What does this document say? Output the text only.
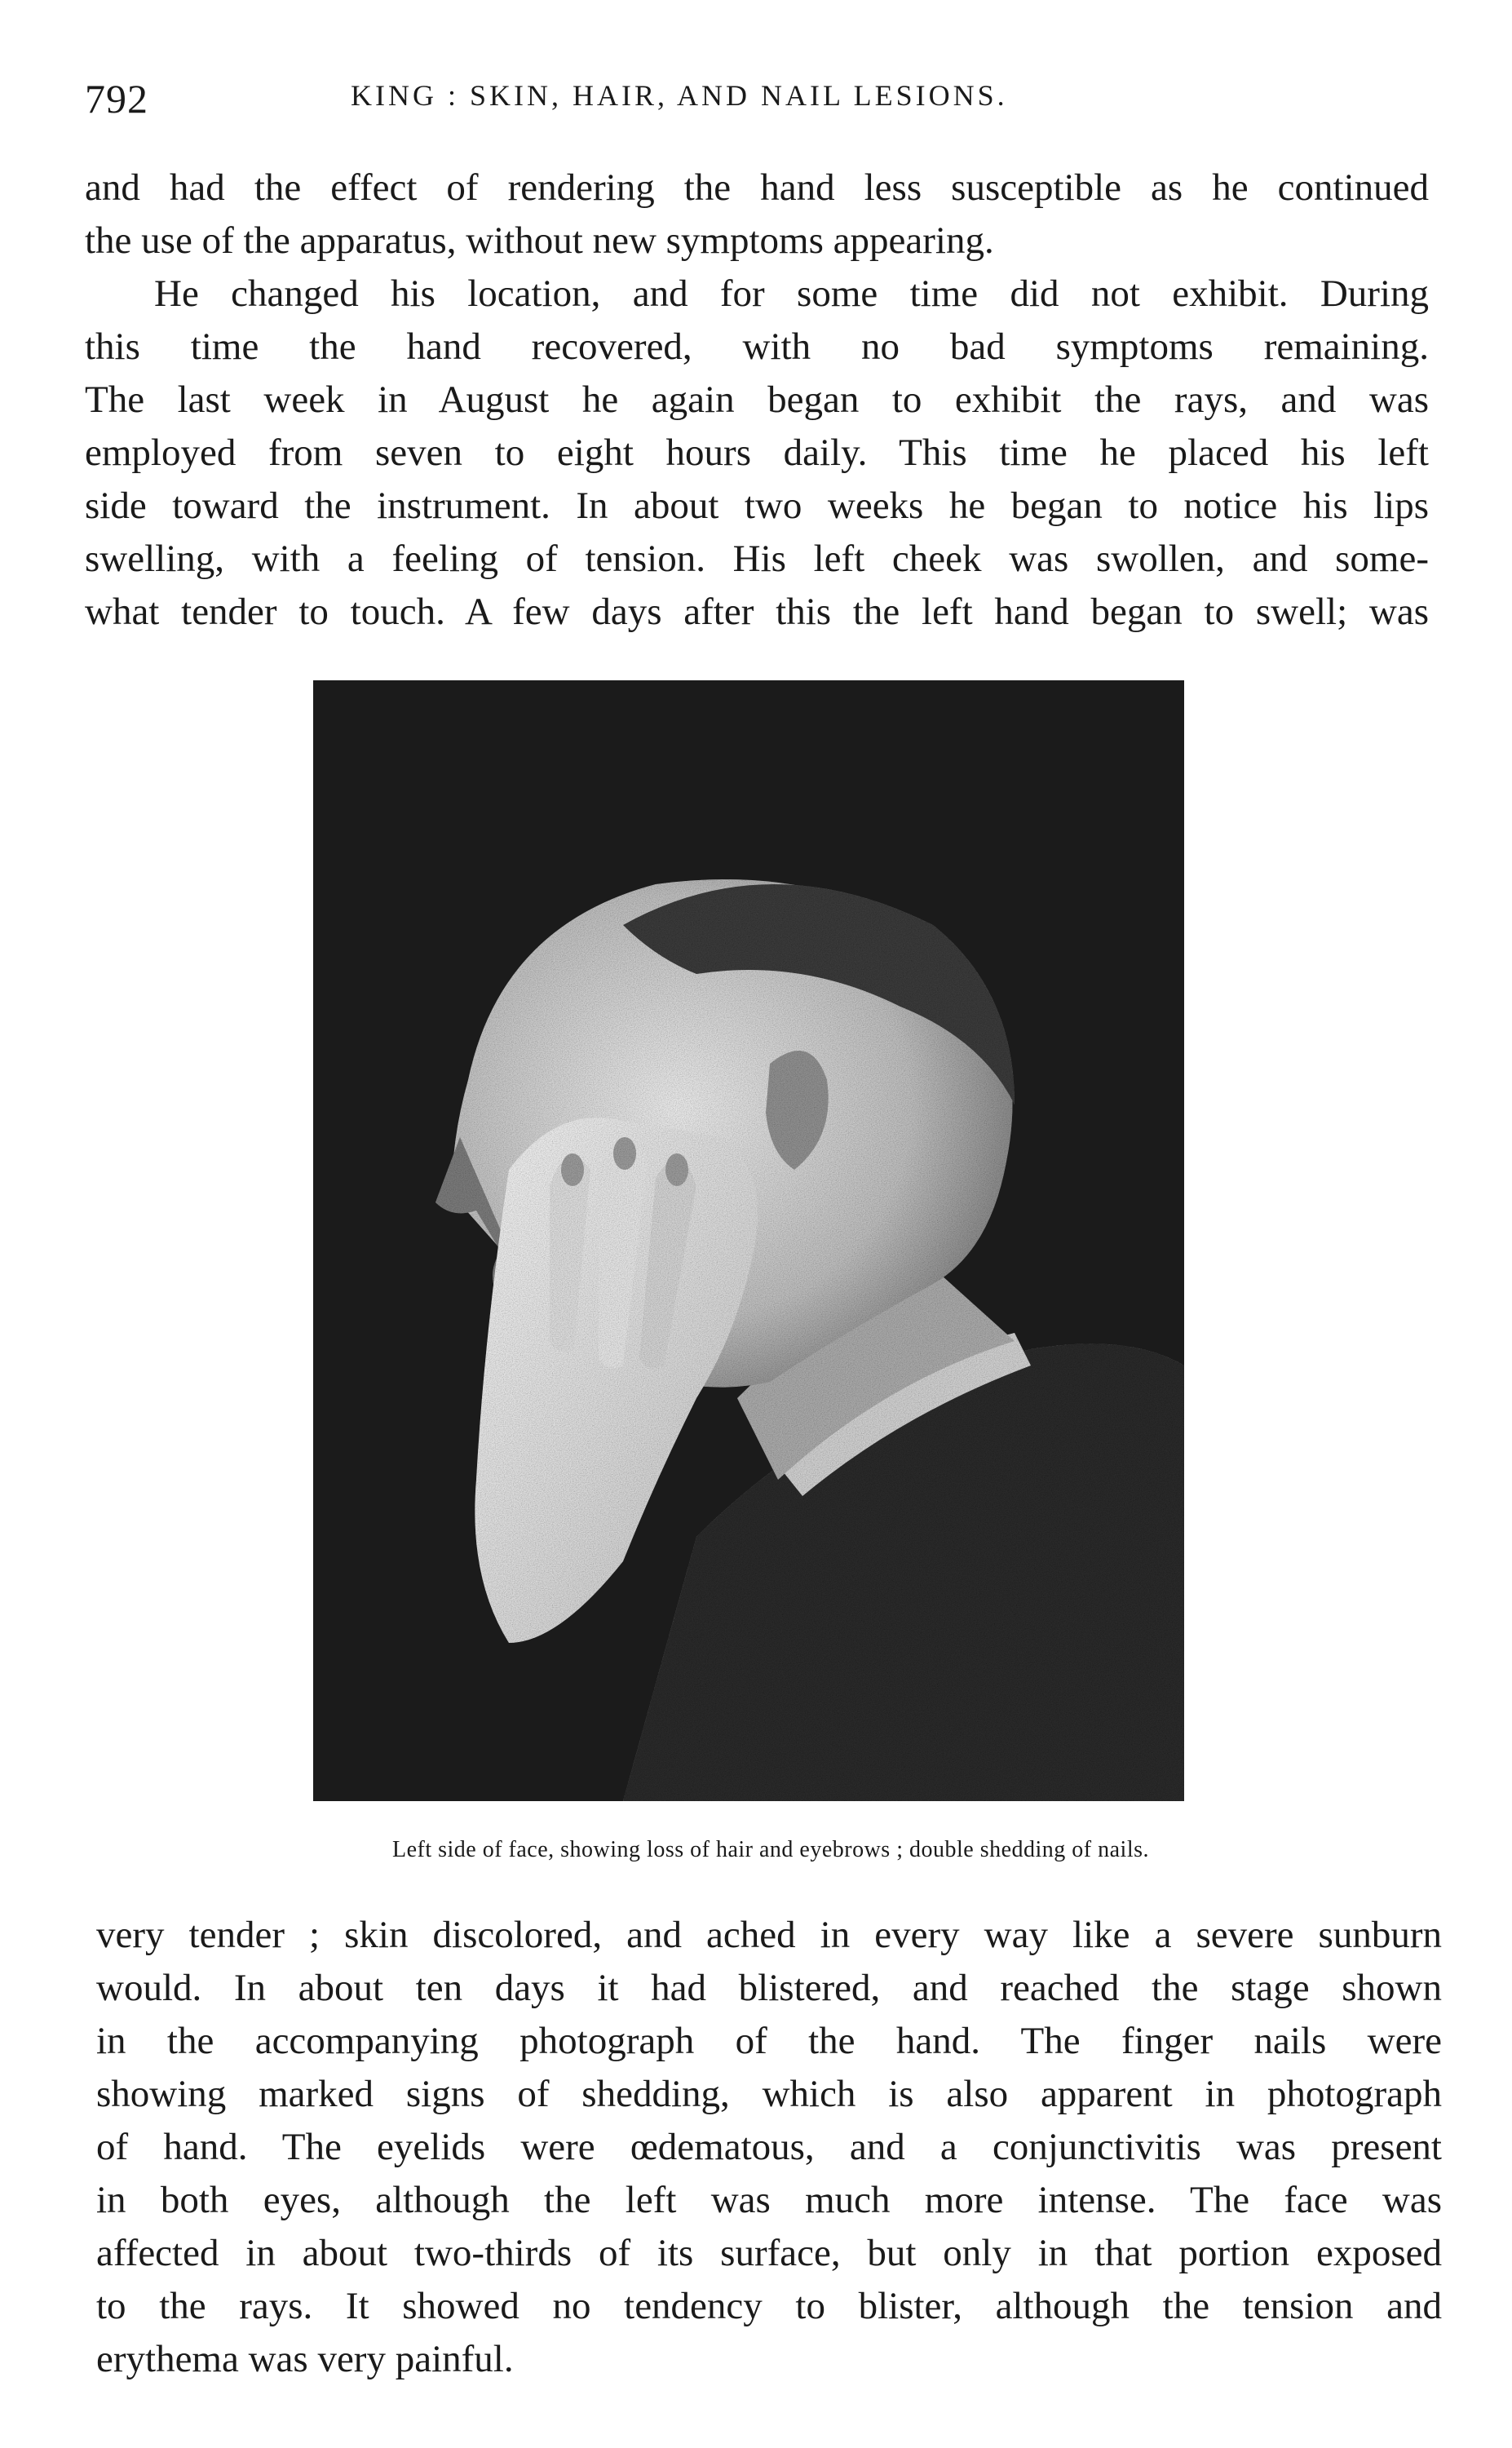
792	KING : SKIN, HAIR, AND NAIL LESIONS.
and had the effect of rendering the hand less susceptible as he continued
the use of the apparatus, without new symptoms appearing.
He changed his location, and for some time did not exhibit. During
this time the hand recovered, with no bad symptoms remaining.
The last week in August he again began to exhibit the rays, and was
employed from seven to eight hours daily. This time he placed his left
side toward the instrument. In about two weeks he began to notice his lips
swelling, with a feeling of tension. His left cheek was swollen, and some-
what tender to touch. A few days after this the left hand began to swell; was
Left side of face, showing loss of hair and eyebrows ; double shedding of nails.
very tender ; skin discolored, and ached in every way like a severe sunburn
would. In about ten days it had blistered, and reached the stage shown
in the accompanying photograph of the hand. The finger nails were
showing marked signs of shedding, which is also apparent in photograph
of hand. The eyelids were œdematous, and a conjunctivitis was present
in both eyes, although the left was much more intense. The face was
affected in about two-thirds of its surface, but only in that portion exposed
to the rays. It showed no tendency to blister, although the tension and
erythema was very painful.
